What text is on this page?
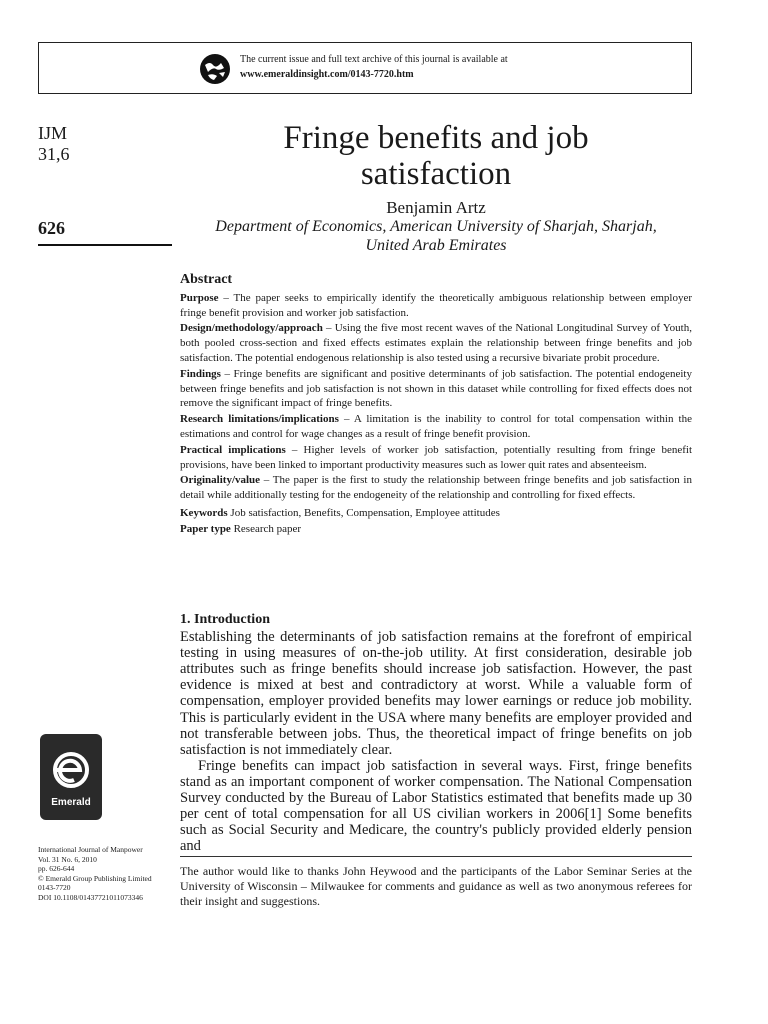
The current issue and full text archive of this journal is available at
www.emeraldinsight.com/0143-7720.htm
IJM
31,6
626
Fringe benefits and job
satisfaction
Benjamin Artz
Department of Economics, American University of Sharjah, Sharjah,
United Arab Emirates
Abstract
Purpose – The paper seeks to empirically identify the theoretically ambiguous relationship between employer fringe benefit provision and worker job satisfaction.
Design/methodology/approach – Using the five most recent waves of the National Longitudinal Survey of Youth, both pooled cross-section and fixed effects estimates explain the relationship between fringe benefits and job satisfaction. The potential endogenous relationship is also tested using a recursive bivariate probit procedure.
Findings – Fringe benefits are significant and positive determinants of job satisfaction. The potential endogeneity between fringe benefits and job satisfaction is not shown in this dataset while controlling for fixed effects does not remove the significant impact of fringe benefits.
Research limitations/implications – A limitation is the inability to control for total compensation within the estimations and control for wage changes as a result of fringe benefit provision.
Practical implications – Higher levels of worker job satisfaction, potentially resulting from fringe benefit provisions, have been linked to important productivity measures such as lower quit rates and absenteeism.
Originality/value – The paper is the first to study the relationship between fringe benefits and job satisfaction in detail while additionally testing for the endogeneity of the relationship and controlling for fixed effects.
Keywords Job satisfaction, Benefits, Compensation, Employee attitudes
Paper type Research paper
1. Introduction

Establishing the determinants of job satisfaction remains at the forefront of empirical testing in using measures of on-the-job utility. At first consideration, desirable job attributes such as fringe benefits should increase job satisfaction. However, the past evidence is mixed at best and contradictory at worst. While a valuable form of compensation, employer provided benefits may lower earnings or reduce job mobility. This is particularly evident in the USA where many benefits are employer provided and not transferable between jobs. Thus, the theoretical impact of fringe benefits on job satisfaction is not immediately clear.

Fringe benefits can impact job satisfaction in several ways. First, fringe benefits stand as an important component of worker compensation. The National Compensation Survey conducted by the Bureau of Labor Statistics estimated that benefits made up 30 per cent of total compensation for all US civilian workers in 2006[1] Some benefits such as Social Security and Medicare, the country's publicly provided elderly pension and

The author would like to thanks John Heywood and the participants of the Labor Seminar Series at the University of Wisconsin – Milwaukee for comments and guidance as well as two anonymous referees for their insight and suggestions.
Emerald
International Journal of Manpower
Vol. 31 No. 6, 2010
pp. 626-644
© Emerald Group Publishing Limited
0143-7720
DOI 10.1108/01437721011073346
